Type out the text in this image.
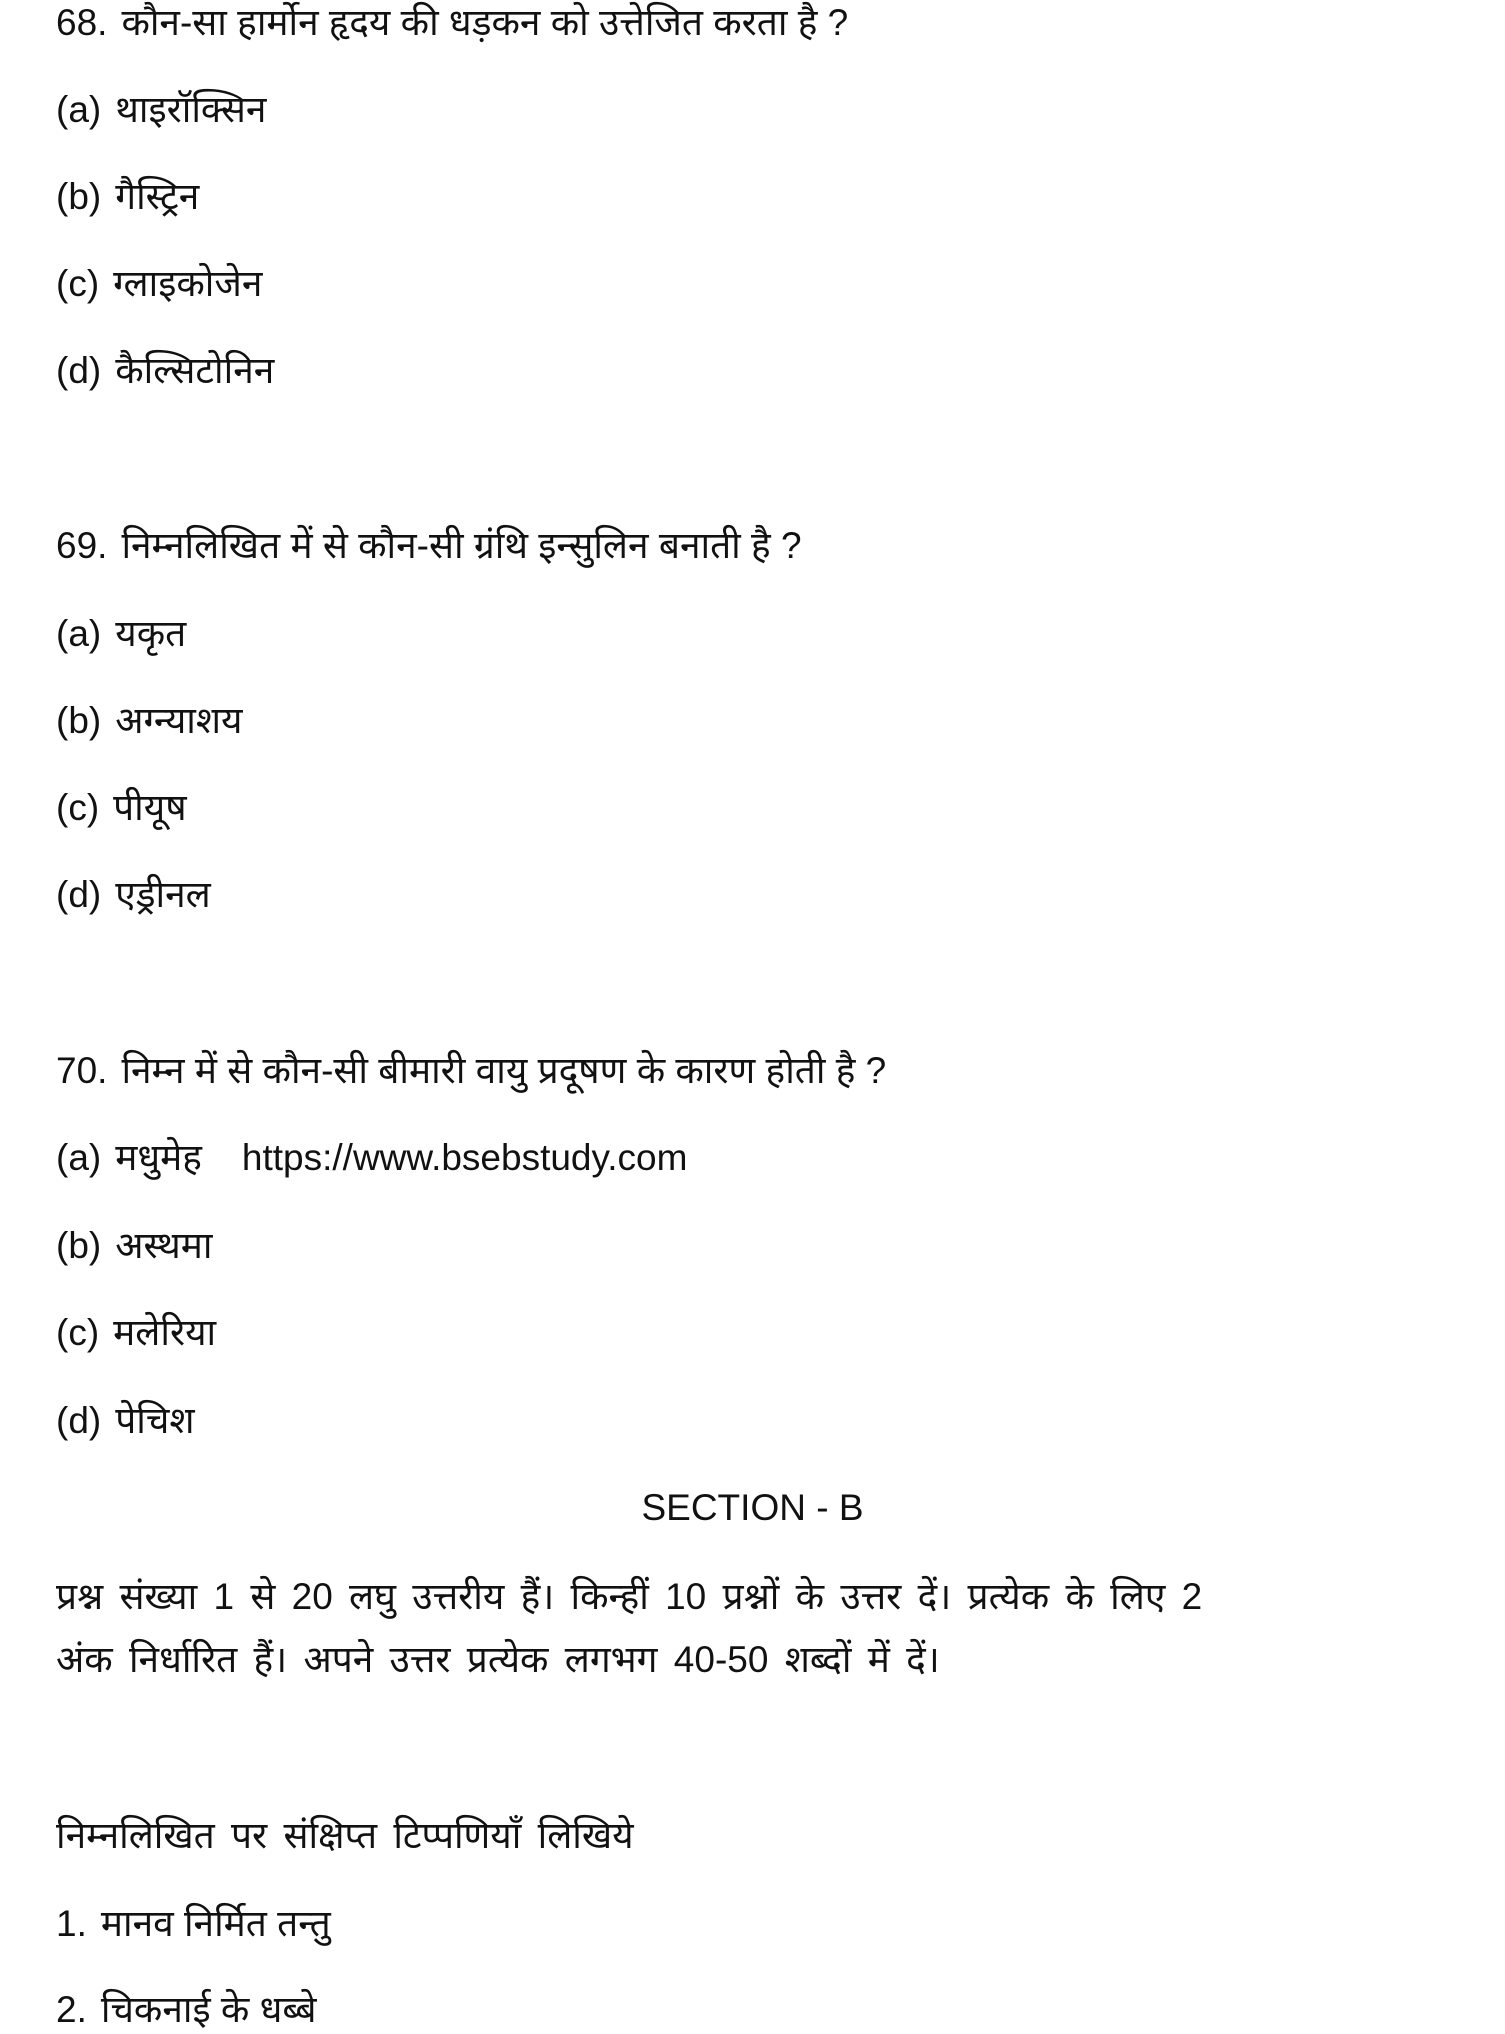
68. कौन-सा हार्मोन हृदय की धड़कन को उत्तेजित करता है ?
(a) थाइरॉक्सिन
(b) गैस्ट्रिन
(c) ग्लाइकोजेन
(d) कैल्सिटोनिन
69. निम्नलिखित में से कौन-सी ग्रंथि इन्सुलिन बनाती है ?
(a) यकृत
(b) अग्न्याशय
(c) पीयूष
(d) एड्रीनल
70. निम्न में से कौन-सी बीमारी वायु प्रदूषण के कारण होती है ?
(a) मधुमेह https://www.bsebstudy.com
(b) अस्थमा
(c) मलेरिया
(d) पेचिश
SECTION - B
प्रश्न संख्या 1 से 20 लघु उत्तरीय हैं। किन्हीं 10 प्रश्नों के उत्तर दें। प्रत्येक के लिए 2
अंक निर्धारित हैं। अपने उत्तर प्रत्येक लगभग 40-50 शब्दों में दें।
निम्नलिखित पर संक्षिप्त टिप्पणियाँ लिखिये
1. मानव निर्मित तन्तु
2. चिकनाई के धब्बे
